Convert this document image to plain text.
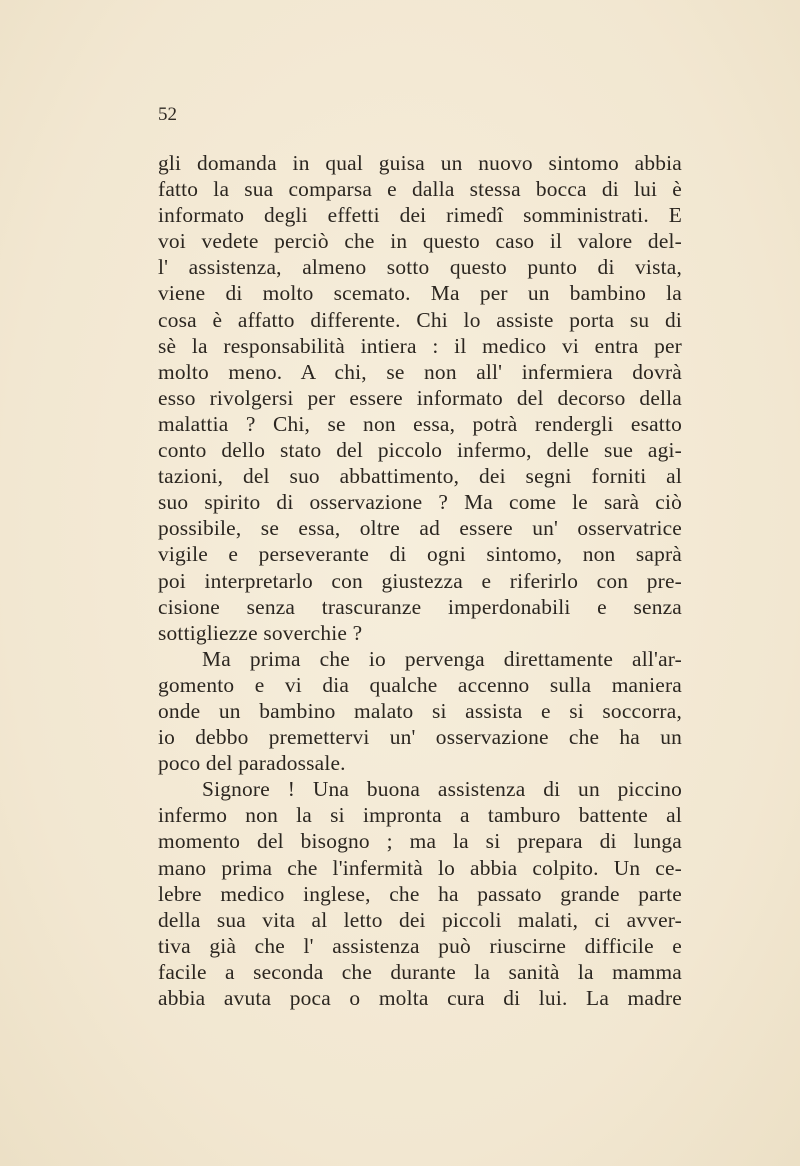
52

gli domanda in qual guisa un nuovo sintomo abbia
fatto la sua comparsa e dalla stessa bocca di lui è
informato degli effetti dei rimedî somministrati. E
voi vedete perciò che in questo caso il valore del-
l' assistenza, almeno sotto questo punto di vista,
viene di molto scemato. Ma per un bambino la
cosa è affatto differente. Chi lo assiste porta su di
sè la responsabilità intiera : il medico vi entra per
molto meno. A chi, se non all' infermiera dovrà
esso rivolgersi per essere informato del decorso della
malattia ? Chi, se non essa, potrà rendergli esatto
conto dello stato del piccolo infermo, delle sue agi-
tazioni, del suo abbattimento, dei segni forniti al
suo spirito di osservazione ? Ma come le sarà ciò
possibile, se essa, oltre ad essere un' osservatrice
vigile e perseverante di ogni sintomo, non saprà
poi interpretarlo con giustezza e riferirlo con pre-
cisione senza trascuranze imperdonabili e senza
sottigliezze soverchie ?
Ma prima che io pervenga direttamente all'ar-
gomento e vi dia qualche accenno sulla maniera
onde un bambino malato si assista e si soccorra,
io debbo premettervi un' osservazione che ha un
poco del paradossale.
Signore ! Una buona assistenza di un piccino
infermo non la si impronta a tamburo battente al
momento del bisogno ; ma la si prepara di lunga
mano prima che l'infermità lo abbia colpito. Un ce-
lebre medico inglese, che ha passato grande parte
della sua vita al letto dei piccoli malati, ci avver-
tiva già che l' assistenza può riuscirne difficile e
facile a seconda che durante la sanità la mamma
abbia avuta poca o molta cura di lui. La madre
